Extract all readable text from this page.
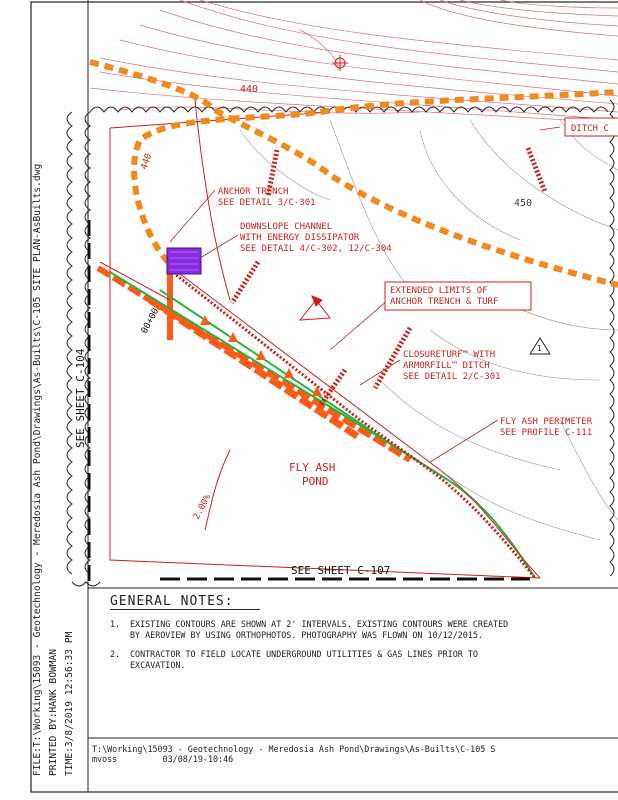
1
440
440
450
ANCHOR TRENCH
SEE DETAIL 3/C-301
DOWNSLOPE CHANNEL
WITH ENERGY DISSIPATOR
SEE DETAIL 4/C-302, 12/C-304
EXTENDED LIMITS OF
ANCHOR TRENCH & TURF
CLOSURETURF™ WITH
ARMORFILL™ DITCH
SEE DETAIL 2/C-301
FLY ASH PERIMETER
SEE PROFILE C-111
DITCH C
FLY ASH
POND
2.00%
00+00
SEE SHEET C-104
SEE SHEET C-107
FILE:T:\Working\15093 - Geotechnology - Meredosia Ash Pond\Drawings\As-Builts\C-105 SITE PLAN-AsBuilts.dwg PRINTED BY:HANK BOWMAN TIME:3/8/2019 12:56:33 PM
GENERAL NOTES:
1.	EXISTING CONTOURS ARE SHOWN AT 2' INTERVALS. EXISTING CONTOURS WERE CREATED BY AEROVIEW BY USING ORTHOPHOTOS. PHOTOGRAPHY WAS FLOWN ON 10/12/2015.
2.	CONTRACTOR TO FIELD LOCATE UNDERGROUND UTILITIES & GAS LINES PRIOR TO EXCAVATION.
T:\Working\15093 - Geotechnology - Meredosia Ash Pond\Drawings\As-Builts\C-105 S
mvoss         03/08/19-10:46
